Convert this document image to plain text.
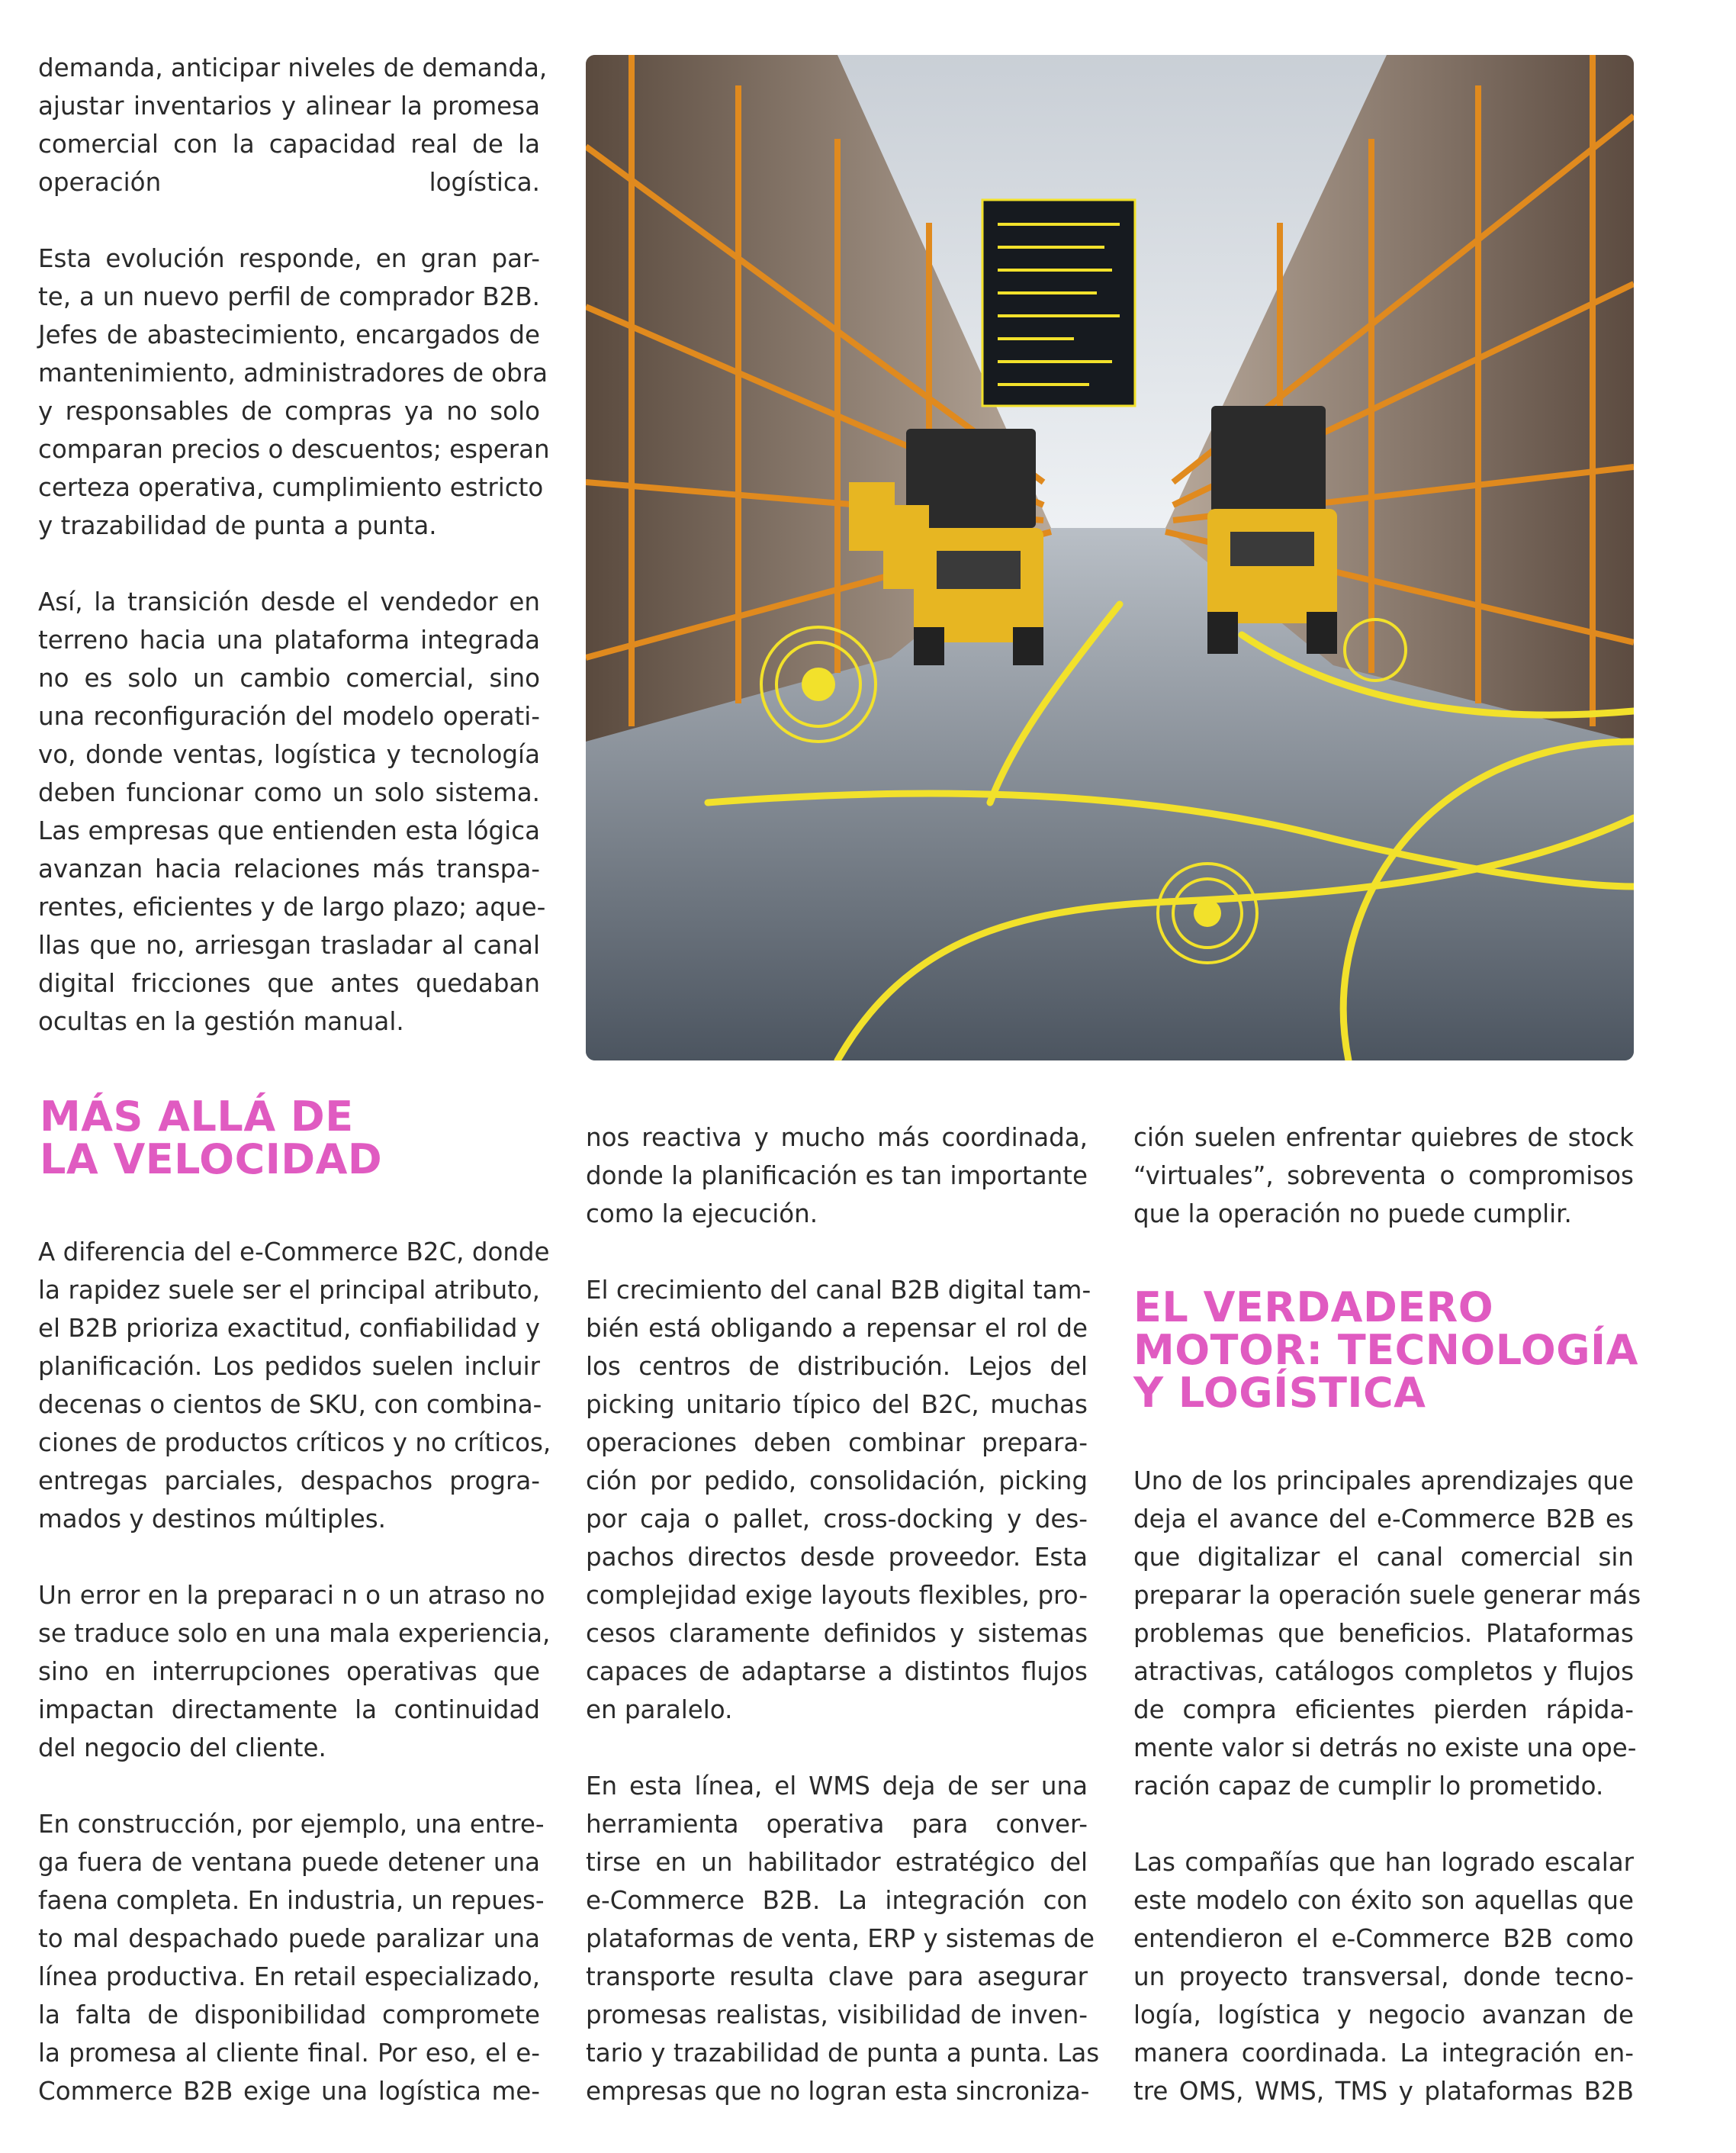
demanda, anticipar niveles de demanda,
ajustar inventarios y alinear la promesa
comercial con la capacidad real de la
operación logística.
Esta evolución responde, en gran par-
te, a un nuevo perfil de comprador B2B.
Jefes de abastecimiento, encargados de
mantenimiento, administradores de obra
y responsables de compras ya no solo
comparan precios o descuentos; esperan
certeza operativa, cumplimiento estricto
y trazabilidad de punta a punta.
Así, la transición desde el vendedor en
terreno hacia una plataforma integrada
no es solo un cambio comercial, sino
una reconfiguración del modelo operati-
vo, donde ventas, logística y tecnología
deben funcionar como un solo sistema.
Las empresas que entienden esta lógica
avanzan hacia relaciones más transpa-
rentes, eficientes y de largo plazo; aque-
llas que no, arriesgan trasladar al canal
digital fricciones que antes quedaban
ocultas en la gestión manual.
MÁS ALLÁ DE
LA VELOCIDAD
A diferencia del e-Commerce B2C, donde
la rapidez suele ser el principal atributo,
el B2B prioriza exactitud, confiabilidad y
planificación. Los pedidos suelen incluir
decenas o cientos de SKU, con combina-
ciones de productos críticos y no críticos,
entregas parciales, despachos progra-
mados y destinos múltiples.
Un error en la preparaci n o un atraso no
se traduce solo en una mala experiencia,
sino en interrupciones operativas que
impactan directamente la continuidad
del negocio del cliente.
En construcción, por ejemplo, una entre-
ga fuera de ventana puede detener una
faena completa. En industria, un repues-
to mal despachado puede paralizar una
línea productiva. En retail especializado,
la falta de disponibilidad compromete
la promesa al cliente final. Por eso, el e-
Commerce B2B exige una logística me-
nos reactiva y mucho más coordinada,
donde la planificación es tan importante
como la ejecución.
El crecimiento del canal B2B digital tam-
bién está obligando a repensar el rol de
los centros de distribución. Lejos del
picking unitario típico del B2C, muchas
operaciones deben combinar prepara-
ción por pedido, consolidación, picking
por caja o pallet, cross-docking y des-
pachos directos desde proveedor. Esta
complejidad exige layouts flexibles, pro-
cesos claramente definidos y sistemas
capaces de adaptarse a distintos flujos
en paralelo.
En esta línea, el WMS deja de ser una
herramienta operativa para conver-
tirse en un habilitador estratégico del
e-Commerce B2B. La integración con
plataformas de venta, ERP y sistemas de
transporte resulta clave para asegurar
promesas realistas, visibilidad de inven-
tario y trazabilidad de punta a punta. Las
empresas que no logran esta sincroniza-
ción suelen enfrentar quiebres de stock
“virtuales”, sobreventa o compromisos
que la operación no puede cumplir.
EL VERDADERO
MOTOR: TECNOLOGÍA
Y LOGÍSTICA
Uno de los principales aprendizajes que
deja el avance del e-Commerce B2B es
que digitalizar el canal comercial sin
preparar la operación suele generar más
problemas que beneficios. Plataformas
atractivas, catálogos completos y flujos
de compra eficientes pierden rápida-
mente valor si detrás no existe una ope-
ración capaz de cumplir lo prometido.
Las compañías que han logrado escalar
este modelo con éxito son aquellas que
entendieron el e-Commerce B2B como
un proyecto transversal, donde tecno-
logía, logística y negocio avanzan de
manera coordinada. La integración en-
tre OMS, WMS, TMS y plataformas B2B
